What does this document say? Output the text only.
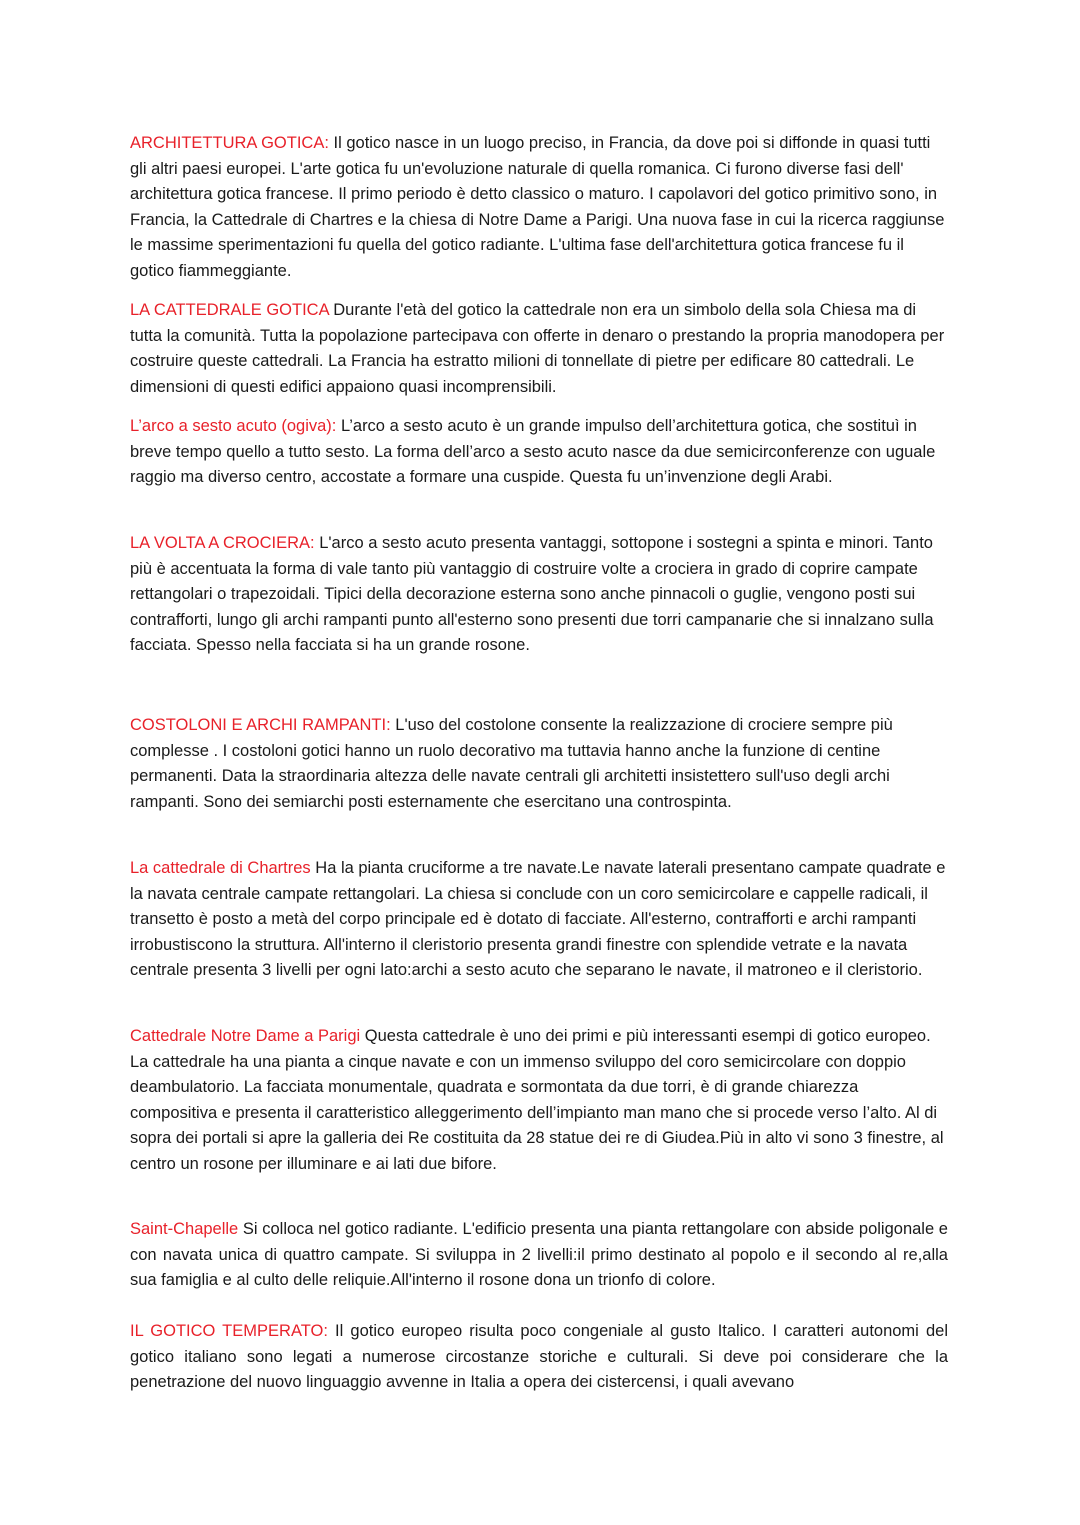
ARCHITETTURA GOTICA: Il gotico nasce in un luogo preciso, in Francia, da dove poi si diffonde in quasi tutti gli altri paesi europei. L'arte gotica fu un'evoluzione naturale di quella romanica. Ci furono diverse fasi dell' architettura gotica francese. Il primo periodo è detto classico o maturo. I capolavori del gotico primitivo sono, in Francia, la Cattedrale di Chartres e la chiesa di Notre Dame a Parigi. Una nuova fase in cui la ricerca raggiunse le massime sperimentazioni fu quella del gotico radiante. L'ultima fase dell'architettura gotica francese fu il gotico fiammeggiante.

LA CATTEDRALE GOTICA Durante l'età del gotico la cattedrale non era un simbolo della sola Chiesa ma di tutta la comunità. Tutta la popolazione partecipava con offerte in denaro o prestando la propria manodopera per costruire queste cattedrali. La Francia ha estratto milioni di tonnellate di pietre per edificare 80 cattedrali. Le dimensioni di questi edifici appaiono quasi incomprensibili.

L’arco a sesto acuto (ogiva): L’arco a sesto acuto è un grande impulso dell’architettura gotica, che sostituì in breve tempo quello a tutto sesto. La forma dell’arco a sesto acuto nasce da due semicirconferenze con uguale raggio ma diverso centro, accostate a formare una cuspide. Questa fu un’invenzione degli Arabi.

LA VOLTA A CROCIERA: L'arco a sesto acuto presenta vantaggi, sottopone i sostegni a spinta e minori. Tanto più è accentuata la forma di vale tanto più vantaggio di costruire volte a crociera in grado di coprire campate rettangolari o trapezoidali. Tipici della decorazione esterna sono anche pinnacoli o guglie, vengono posti sui contrafforti, lungo gli archi rampanti punto all'esterno sono presenti due torri campanarie che si innalzano sulla facciata. Spesso nella facciata si ha un grande rosone.

COSTOLONI E ARCHI RAMPANTI: L'uso del costolone consente la realizzazione di crociere sempre più complesse . I costoloni gotici hanno un ruolo decorativo ma tuttavia hanno anche la funzione di centine permanenti. Data la straordinaria altezza delle navate centrali gli architetti insistettero sull'uso degli archi rampanti. Sono dei semiarchi posti esternamente che esercitano una controspinta.

La cattedrale di Chartres Ha la pianta cruciforme a tre navate.Le navate laterali presentano campate quadrate e la navata centrale campate rettangolari. La chiesa si conclude con un coro semicircolare e cappelle radicali, il transetto è posto a metà del corpo principale ed è dotato di facciate. All'esterno, contrafforti e archi rampanti irrobustiscono la struttura. All'interno il cleristorio presenta grandi finestre con splendide vetrate e la navata centrale presenta 3 livelli per ogni lato:archi a sesto acuto che separano le navate, il matroneo e il cleristorio.

Cattedrale Notre Dame a Parigi Questa cattedrale è uno dei primi e più interessanti esempi di gotico europeo. La cattedrale ha una pianta a cinque navate e con un immenso sviluppo del coro semicircolare con doppio deambulatorio. La facciata monumentale, quadrata e sormontata da due torri, è di grande chiarezza compositiva e presenta il caratteristico alleggerimento dell’impianto man mano che si procede verso l’alto. Al di sopra dei portali si apre la galleria dei Re costituita da 28 statue dei re di Giudea.Più in alto vi sono 3 finestre, al centro un rosone per illuminare e ai lati due bifore.

Saint-Chapelle Si colloca nel gotico radiante. L'edificio presenta una pianta rettangolare con abside poligonale e con navata unica di quattro campate. Si sviluppa in 2 livelli:il primo destinato al popolo e il secondo al re,alla sua famiglia e al culto delle reliquie.All'interno il rosone dona un trionfo di colore.

IL GOTICO TEMPERATO: Il gotico europeo risulta poco congeniale al gusto Italico. I caratteri autonomi del gotico italiano sono legati a numerose circostanze storiche e culturali. Si deve poi considerare che la penetrazione del nuovo linguaggio avvenne in Italia a opera dei cistercensi, i quali avevano
